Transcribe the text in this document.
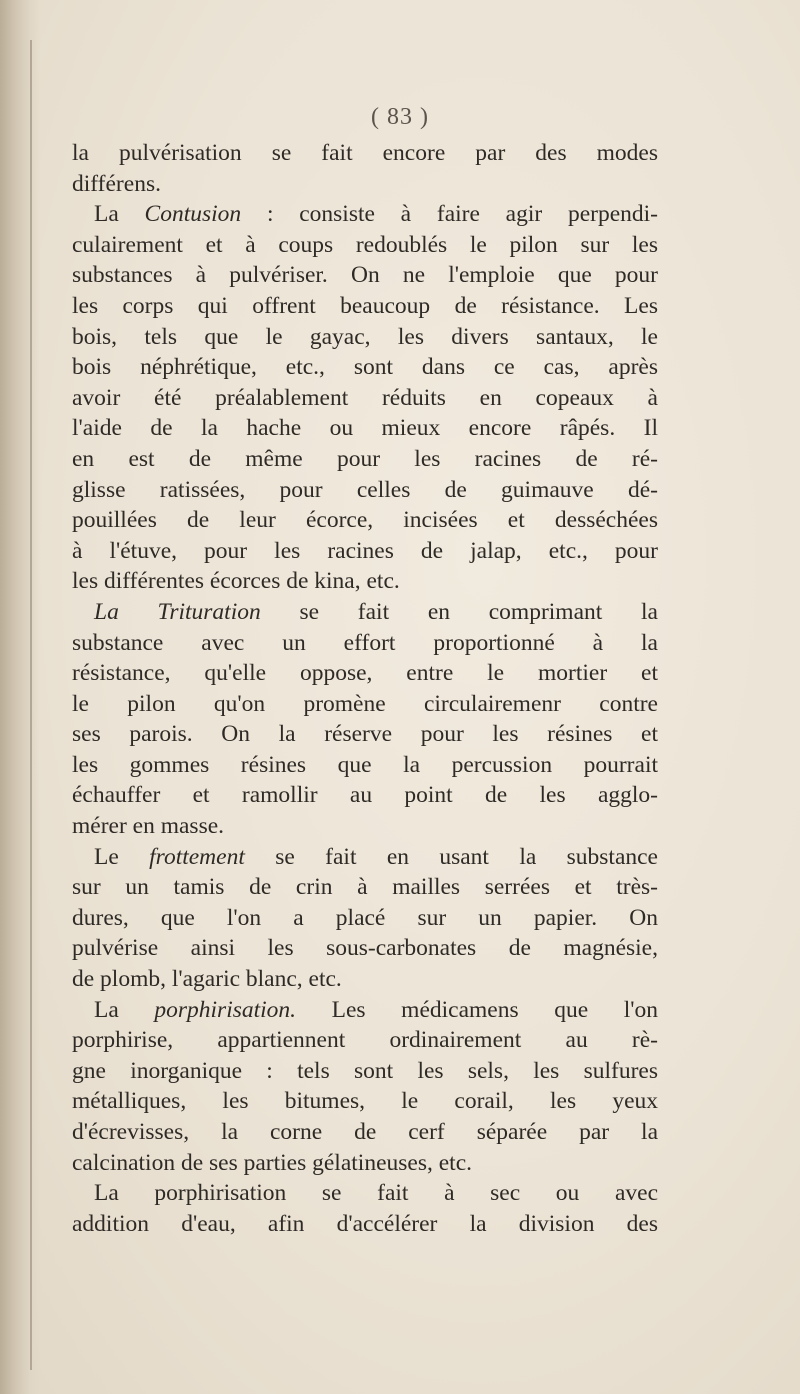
( 83 )
la pulvérisation se fait encore par des modes
différens.
La Contusion : consiste à faire agir perpendi-
culairement et à coups redoublés le pilon sur les
substances à pulvériser. On ne l'emploie que pour
les corps qui offrent beaucoup de résistance. Les
bois, tels que le gayac, les divers santaux, le
bois néphrétique, etc., sont dans ce cas, après
avoir été préalablement réduits en copeaux à
l'aide de la hache ou mieux encore râpés. Il
en est de même pour les racines de ré-
glisse ratissées, pour celles de guimauve dé-
pouillées de leur écorce, incisées et desséchées
à l'étuve, pour les racines de jalap, etc., pour
les différentes écorces de kina, etc.
La Trituration se fait en comprimant la
substance avec un effort proportionné à la
résistance, qu'elle oppose, entre le mortier et
le pilon qu'on promène circulairemenr contre
ses parois. On la réserve pour les résines et
les gommes résines que la percussion pourrait
échauffer et ramollir au point de les agglo-
mérer en masse.
Le frottement se fait en usant la substance
sur un tamis de crin à mailles serrées et très-
dures, que l'on a placé sur un papier. On
pulvérise ainsi les sous-carbonates de magnésie,
de plomb, l'agaric blanc, etc.
La porphirisation. Les médicamens que l'on
porphirise, appartiennent ordinairement au rè-
gne inorganique : tels sont les sels, les sulfures
métalliques, les bitumes, le corail, les yeux
d'écrevisses, la corne de cerf séparée par la
calcination de ses parties gélatineuses, etc.
La porphirisation se fait à sec ou avec
addition d'eau, afin d'accélérer la division des
